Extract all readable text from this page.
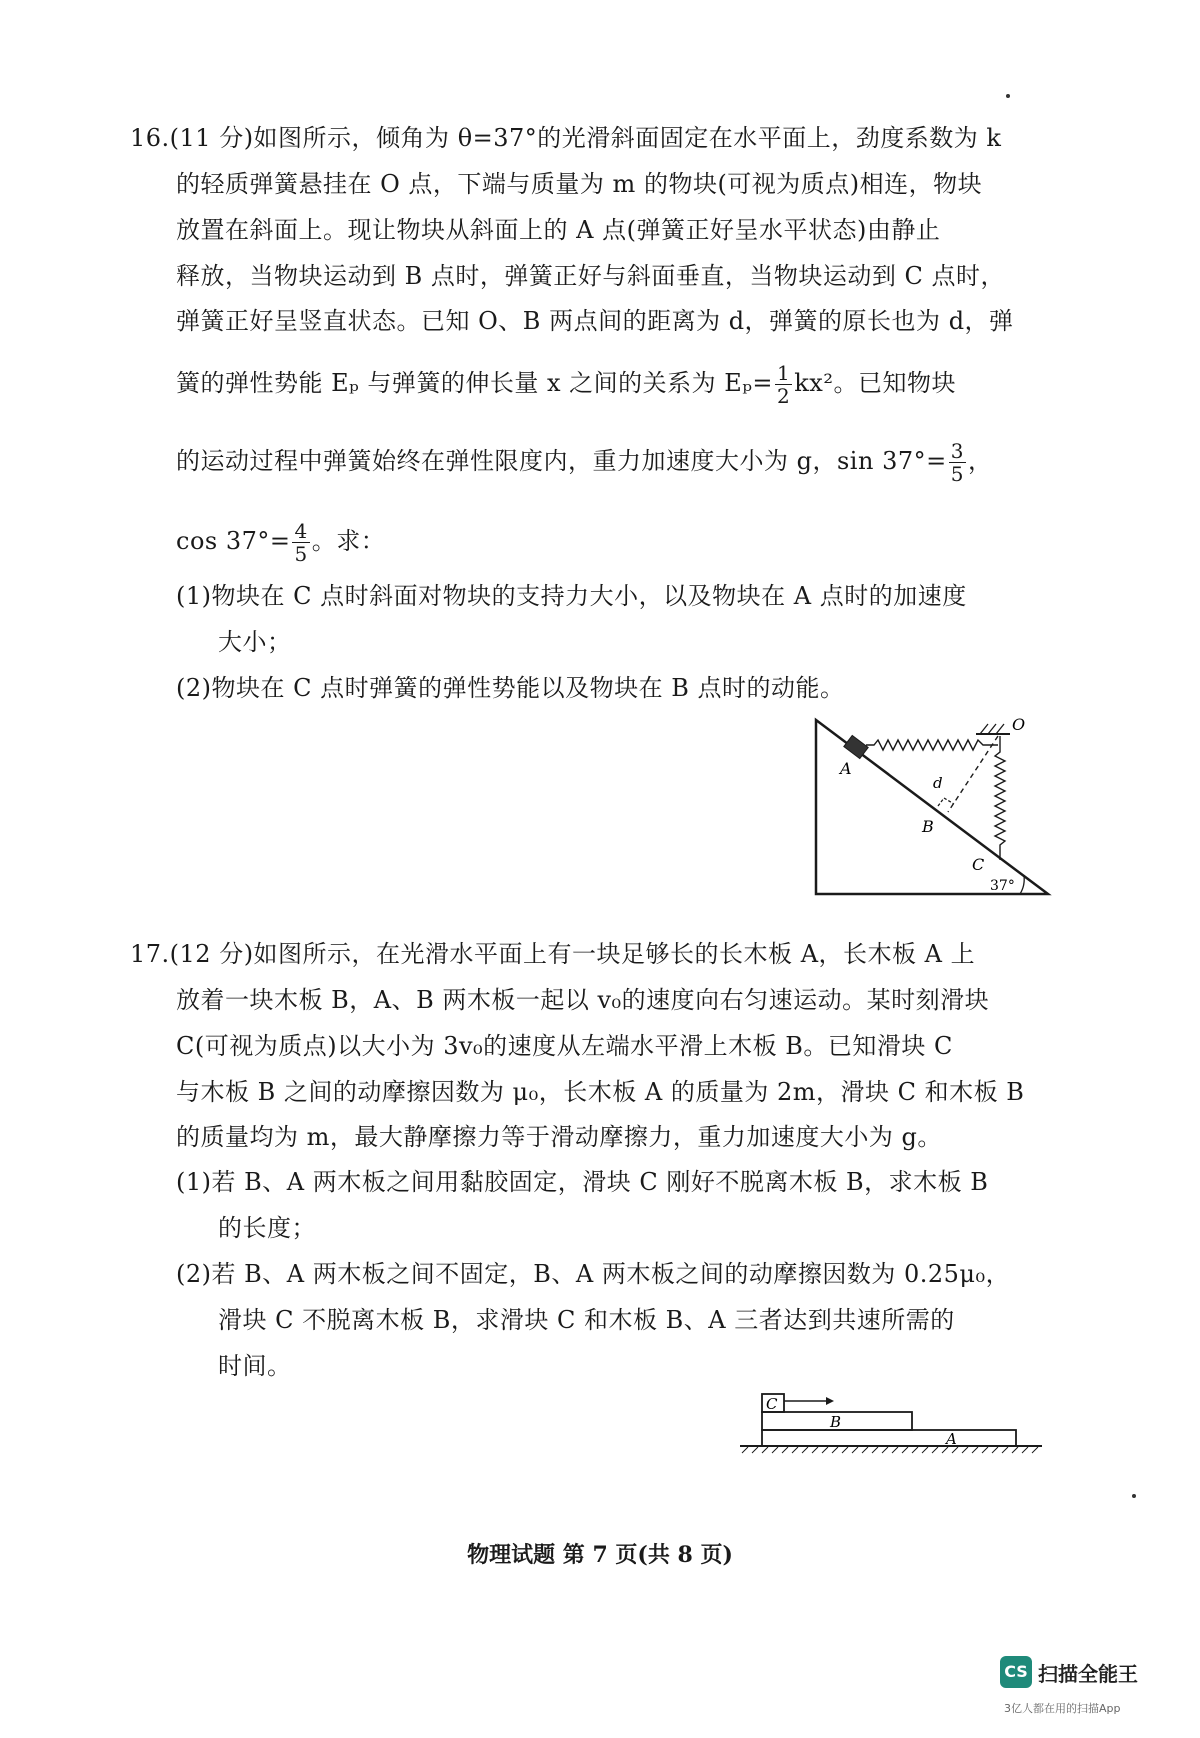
16.(11 分)如图所示，倾角为 θ=37°的光滑斜面固定在水平面上，劲度系数为 k
的轻质弹簧悬挂在 O 点，下端与质量为 m 的物块(可视为质点)相连，物块
放置在斜面上。现让物块从斜面上的 A 点(弹簧正好呈水平状态)由静止
释放，当物块运动到 B 点时，弹簧正好与斜面垂直，当物块运动到 C 点时，
弹簧正好呈竖直状态。已知 O、B 两点间的距离为 d，弹簧的原长也为 d，弹
簧的弹性势能 Eₚ 与弹簧的伸长量 x 之间的关系为 $E_p= \frac{1}{2} kx^2$。已知物块
的运动过程中弹簧始终在弹性限度内，重力加速度大小为 g，$\sin 37^\circ= \frac{3}{5}$ ，
$\cos 37^\circ= \frac{4}{5}$ 。求：
(1)物块在 C 点时斜面对物块的支持力大小，以及物块在 A 点时的加速度
大小；
(2)物块在 C 点时弹簧的弹性势能以及物块在 B 点时的动能。
O
A
d
B
C
37°
17.(12 分)如图所示，在光滑水平面上有一块足够长的长木板 A，长木板 A 上
放着一块木板 B，A、B 两木板一起以 v₀的速度向右匀速运动。某时刻滑块
C(可视为质点)以大小为 3v₀的速度从左端水平滑上木板 B。已知滑块 C
与木板 B 之间的动摩擦因数为 μ₀，长木板 A 的质量为 2m，滑块 C 和木板 B
的质量均为 m，最大静摩擦力等于滑动摩擦力，重力加速度大小为 g。
(1)若 B、A 两木板之间用黏胶固定，滑块 C 刚好不脱离木板 B，求木板 B
的长度；
(2)若 B、A 两木板之间不固定，B、A 两木板之间的动摩擦因数为 0.25μ₀，
滑块 C 不脱离木板 B，求滑块 C 和木板 B、A 三者达到共速所需的
时间。
C
B
A
物理试题 第 7 页(共 8 页)
CS 扫描全能王
3亿人都在用的扫描App
